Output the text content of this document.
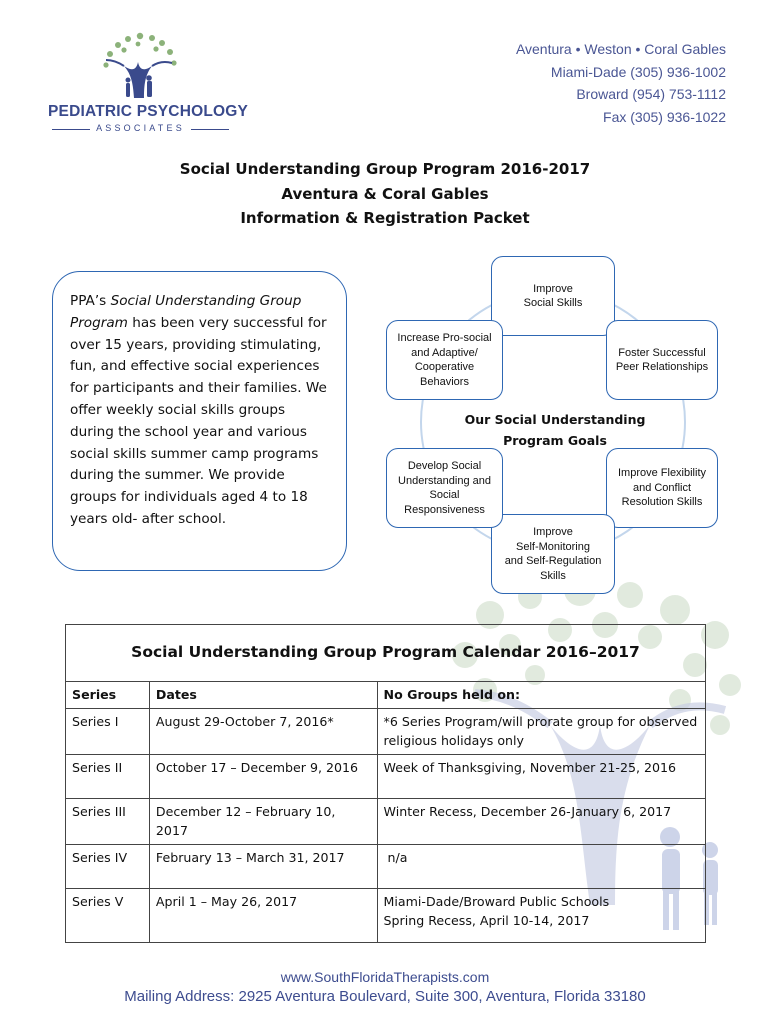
PEDIATRIC PSYCHOLOGY
ASSOCIATES
Aventura • Weston • Coral Gables
Miami-Dade (305) 936-1002
Broward (954) 753-1112
Fax (305) 936-1022
Social Understanding Group Program 2016-2017
Aventura & Coral Gables
Information & Registration Packet
PPA’s Social Understanding Group Program has been very successful for over 15 years, providing stimulating, fun, and effective social experiences for participants and their families. We offer weekly social skills groups during the school year and various social skills summer camp programs during the summer. We provide groups for individuals aged 4 to 18 years old- after school.
Improve
Social Skills
Foster Successful
Peer Relationships
Improve Flexibility
and Conflict
Resolution Skills
Improve
Self-Monitoring
and Self-Regulation
Skills
Develop Social
Understanding and
Social
Responsiveness
Increase Pro-social
and Adaptive/
Cooperative
Behaviors
Our Social Understanding
Program Goals
Social Understanding Group Program Calendar 2016–2017		
Series	Dates	No Groups held on:
Series I	August 29-October 7, 2016*	*6 Series Program/will prorate group for observed religious holidays only
Series II	October 17 – December 9, 2016	Week of Thanksgiving, November 21-25, 2016
Series III	December 12 – February 10, 2017	Winter Recess, December 26-January 6, 2017
Series IV	February 13 – March 31, 2017	n/a
Series V	April 1 – May 26, 2017	Miami-Dade/Broward Public Schools
Spring Recess, April 10-14, 2017
www.SouthFloridaTherapists.com
Mailing Address: 2925 Aventura Boulevard, Suite 300, Aventura, Florida 33180
